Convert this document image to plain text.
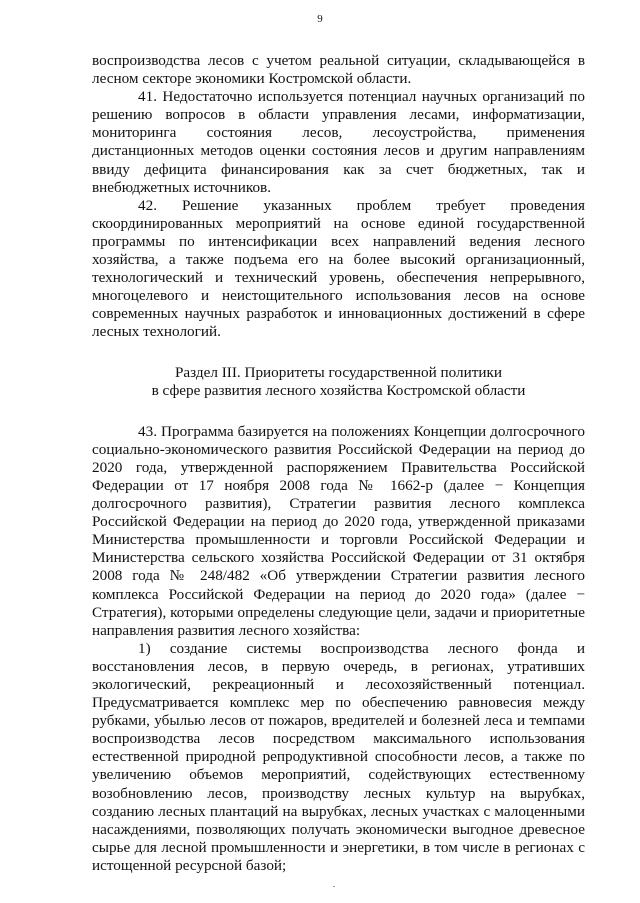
9

воспроизводства лесов с учетом реальной ситуации, складывающейся в лесном секторе экономики Костромской области.

41. Недостаточно используется потенциал научных организаций по решению вопросов в области управления лесами, информатизации, мониторинга состояния лесов, лесоустройства, применения дистанционных методов оценки состояния лесов и другим направлениям ввиду дефицита финансирования как за счет бюджетных, так и внебюджетных источников.

42. Решение указанных проблем требует проведения скоординированных мероприятий на основе единой государственной программы по интенсификации всех направлений ведения лесного хозяйства, а также подъема его на более высокий организационный, технологический и технический уровень, обеспечения непрерывного, многоцелевого и неистощительного использования лесов на основе современных научных разработок и инновационных достижений в сфере лесных технологий.

Раздел III. Приоритеты государственной политики
в сфере развития лесного хозяйства Костромской области

43. Программа базируется на положениях Концепции долгосрочного социально-экономического развития Российской Федерации на период до 2020 года, утвержденной распоряжением Правительства Российской Федерации от 17 ноября 2008 года № 1662-р (далее − Концепция долгосрочного развития), Стратегии развития лесного комплекса Российской Федерации на период до 2020 года, утвержденной приказами Министерства промышленности и торговли Российской Федерации и Министерства сельского хозяйства Российской Федерации от 31 октября 2008 года № 248/482 «Об утверждении Стратегии развития лесного комплекса Российской Федерации на период до 2020 года» (далее − Стратегия), которыми определены следующие цели, задачи и приоритетные направления развития лесного хозяйства:

1) создание системы воспроизводства лесного фонда и восстановления лесов, в первую очередь, в регионах, утративших экологический, рекреационный и лесохозяйственный потенциал. Предусматривается комплекс мер по обеспечению равновесия между рубками, убылью лесов от пожаров, вредителей и болезней леса и темпами воспроизводства лесов посредством максимального использования естественной природной репродуктивной способности лесов, а также по увеличению объемов мероприятий, содействующих естественному возобновлению лесов, производству лесных культур на вырубках, созданию лесных плантаций на вырубках, лесных участках с малоценными насаждениями, позволяющих получать экономически выгодное древесное сырье для лесной промышленности и энергетики, в том числе в регионах с истощенной ресурсной базой;
